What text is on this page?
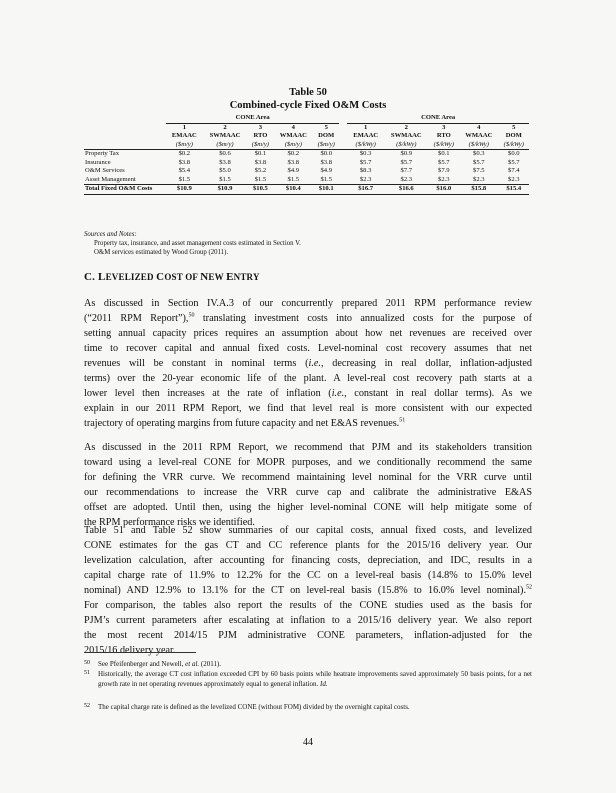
Table 50
Combined-cycle Fixed O&M Costs
	CONE Area						CONE Area				
	1	2	3	4	5		1	2	3	4	5
	EMAAC	SWMAAC	RTO	WMAAC	DOM		EMAAC	SWMAAC	RTO	WMAAC	DOM
	($m/y)	($m/y)	($m/y)	($m/y)	($m/y)		($/kWy)	($/kWy)	($/kWy)	($/kWy)	($/kWy)
Property Tax	$0.2	$0.6	$0.1	$0.2	$0.0		$0.3	$0.9	$0.1	$0.3	$0.0
Insurance	$3.8	$3.8	$3.8	$3.8	$3.8		$5.7	$5.7	$5.7	$5.7	$5.7
O&M Services	$5.4	$5.0	$5.2	$4.9	$4.9		$8.3	$7.7	$7.9	$7.5	$7.4
Asset Management	$1.5	$1.5	$1.5	$1.5	$1.5		$2.3	$2.3	$2.3	$2.3	$2.3
Total Fixed O&M Costs	$10.9	$10.9	$10.5	$10.4	$10.1		$16.7	$16.6	$16.0	$15.8	$15.4
Sources and Notes:
Property tax, insurance, and asset management costs estimated in Section V.
O&M services estimated by Wood Group (2011).
C. LEVELIZED COST OF NEW ENTRY
As discussed in Section IV.A.3 of our concurrently prepared 2011 RPM performance review
(“2011 RPM Report”),$^{50}$ translating investment costs into annualized costs for the purpose of
setting annual capacity prices requires an assumption about how net revenues are received over
time to recover capital and annual fixed costs. Level-nominal cost recovery assumes that net
revenues will be constant in nominal terms (i.e., decreasing in real dollar, inflation-adjusted
terms) over the 20-year economic life of the plant. A level-real cost recovery path starts at a
lower level then increases at the rate of inflation (i.e., constant in real dollar terms). As we
explain in our 2011 RPM Report, we find that level real is more consistent with our expected
trajectory of operating margins from future capacity and net E&AS revenues.$^{51}$
As discussed in the 2011 RPM Report, we recommend that PJM and its stakeholders transition
toward using a level-real CONE for MOPR purposes, and we conditionally recommend the same
for defining the VRR curve. We recommend maintaining level nominal for the VRR curve until
our recommendations to increase the VRR curve cap and calibrate the administrative E&AS
offset are adopted. Until then, using the higher level-nominal CONE will help mitigate some of
the RPM performance risks we identified.
Table 51 and Table 52 show summaries of our capital costs, annual fixed costs, and levelized
CONE estimates for the gas CT and CC reference plants for the 2015/16 delivery year. Our
levelization calculation, after accounting for financing costs, depreciation, and IDC, results in a
capital charge rate of 11.9% to 12.2% for the CC on a level-real basis (14.8% to 15.0% level
nominal) AND 12.9% to 13.1% for the CT on level-real basis (15.8% to 16.0% level nominal).$^{52}$
For comparison, the tables also report the results of the CONE studies used as the basis for
PJM’s current parameters after escalating at inflation to a 2015/16 delivery year. We also report
the most recent 2014/15 PJM administrative CONE parameters, inflation-adjusted for the
2015/16 delivery year.
50 See Pfeifenberger and Newell, et al. (2011).
51 Historically, the average CT cost inflation exceeded CPI by 60 basis points while heatrate improvements saved approximately 50 basis points, for a net growth rate in net operating revenues approximately equal to general inflation. Id.
52 The capital charge rate is defined as the levelized CONE (without FOM) divided by the overnight capital costs.
44
